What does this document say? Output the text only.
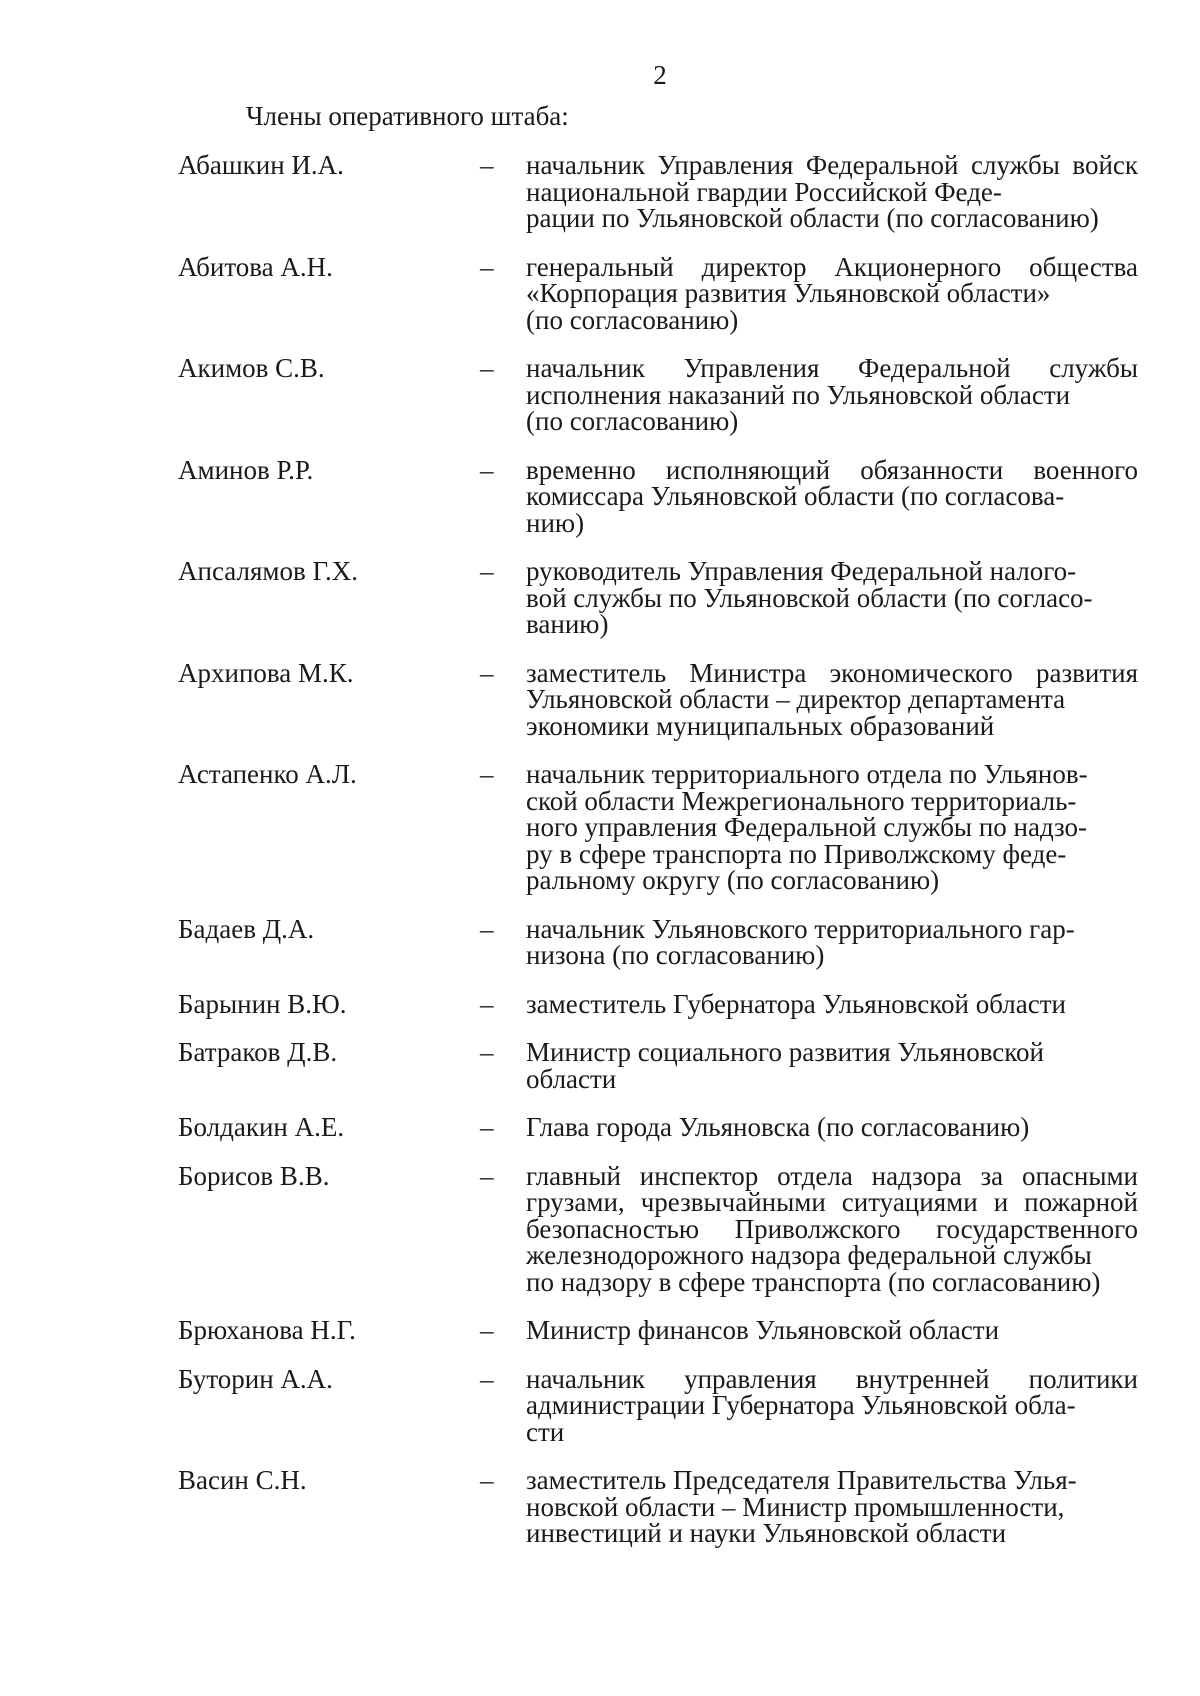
2
Члены оперативного штаба:
Абашкин И.А.	–	начальник Управления Федеральной службы войск национальной гвардии Российской Феде-
рации по Ульяновской области (по согласованию)
Абитова А.Н.	–	генеральный директор Акционерного общества «Корпорация развития Ульяновской области»
(по согласованию)
Акимов С.В.	–	начальник Управления Федеральной службы исполнения наказаний по Ульяновской области
(по согласованию)
Аминов Р.Р.	–	временно исполняющий обязанности военного комиссара Ульяновской области (по согласова-
нию)
Апсалямов Г.Х.	–	руководитель Управления Федеральной налого-
вой службы по Ульяновской области (по согласо-
ванию)
Архипова М.К.	–	заместитель Министра экономического развития Ульяновской области – директор департамента
экономики муниципальных образований
Астапенко А.Л.	–	начальник территориального отдела по Ульянов-
ской области Межрегионального территориаль-
ного управления Федеральной службы по надзо-
ру в сфере транспорта по Приволжскому феде-
ральному округу (по согласованию)
Бадаев Д.А.	–	начальник Ульяновского территориального гар-
низона (по согласованию)
Барынин В.Ю.	–	заместитель Губернатора Ульяновской области
Батраков Д.В.	–	Министр социального развития Ульяновской
области
Болдакин А.Е.	–	Глава города Ульяновска (по согласованию)
Борисов В.В.	–	главный инспектор отдела надзора за опасными грузами, чрезвычайными ситуациями и пожарной безопасностью Приволжского государственного железнодорожного надзора федеральной службы
по надзору в сфере транспорта (по согласованию)
Брюханова Н.Г.	–	Министр финансов Ульяновской области
Буторин А.А.	–	начальник управления внутренней политики администрации Губернатора Ульяновской обла-
сти
Васин С.Н.	–	заместитель Председателя Правительства Улья-
новской области – Министр промышленности,
инвестиций и науки Ульяновской области
